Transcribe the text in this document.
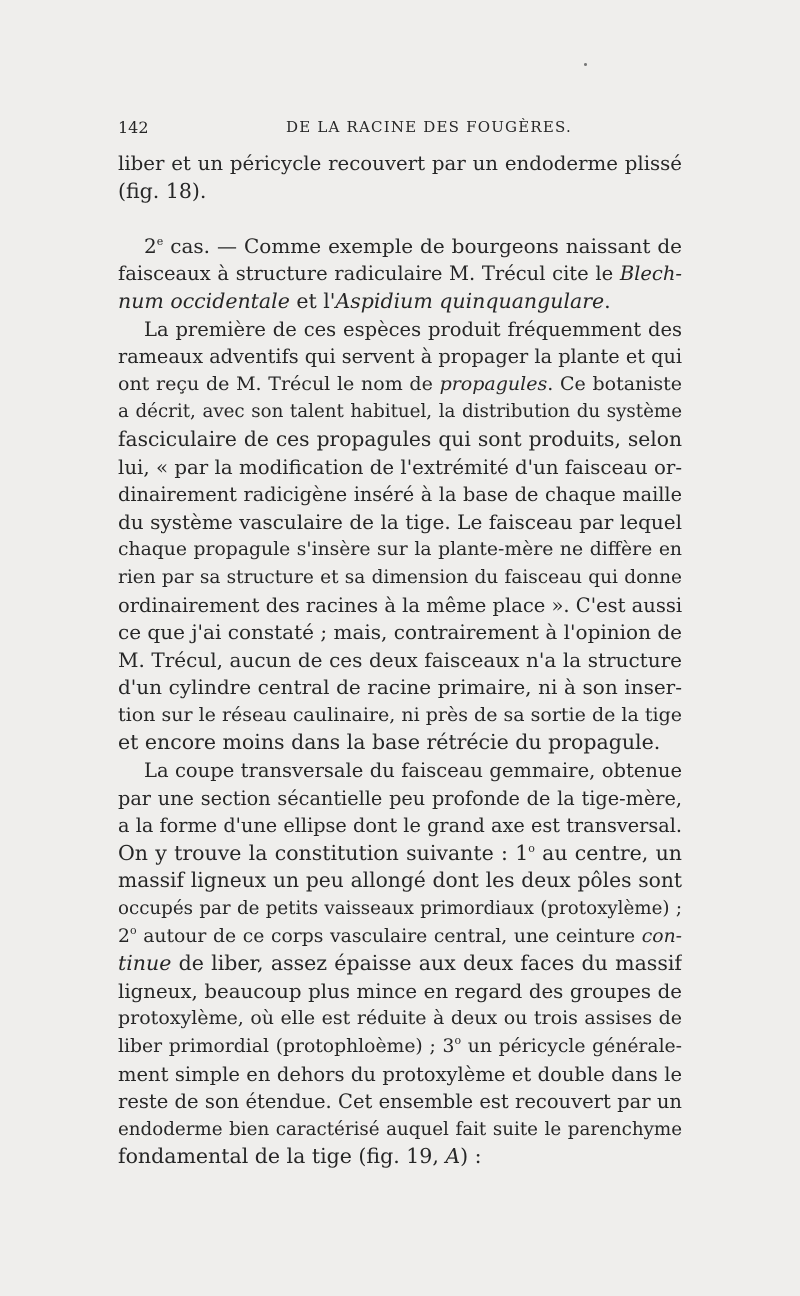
142	DE LA RACINE DES FOUGÈRES.
liber et un péricycle recouvert par un endoderme plissé
(fig. 18).
2e cas. — Comme exemple de bourgeons naissant de
faisceaux à structure radiculaire M. Trécul cite le Blech-
num occidentale et l'Aspidium quinquangulare.
La première de ces espèces produit fréquemment des
rameaux adventifs qui servent à propager la plante et qui
ont reçu de M. Trécul le nom de propagules. Ce botaniste
a décrit, avec son talent habituel, la distribution du système
fasciculaire de ces propagules qui sont produits, selon
lui, « par la modification de l'extrémité d'un faisceau or-
dinairement radicigène inséré à la base de chaque maille
du système vasculaire de la tige. Le faisceau par lequel
chaque propagule s'insère sur la plante-mère ne diffère en
rien par sa structure et sa dimension du faisceau qui donne
ordinairement des racines à la même place ». C'est aussi
ce que j'ai constaté ; mais, contrairement à l'opinion de
M. Trécul, aucun de ces deux faisceaux n'a la structure
d'un cylindre central de racine primaire, ni à son inser-
tion sur le réseau caulinaire, ni près de sa sortie de la tige
et encore moins dans la base rétrécie du propagule.
La coupe transversale du faisceau gemmaire, obtenue
par une section sécantielle peu profonde de la tige-mère,
a la forme d'une ellipse dont le grand axe est transversal.
On y trouve la constitution suivante : 1$^o$ au centre, un
massif ligneux un peu allongé dont les deux pôles sont
occupés par de petits vaisseaux primordiaux (protoxylème) ;
2$^o$ autour de ce corps vasculaire central, une ceinture con-
tinue de liber, assez épaisse aux deux faces du massif
ligneux, beaucoup plus mince en regard des groupes de
protoxylème, où elle est réduite à deux ou trois assises de
liber primordial (protophloème) ; 3$^o$ un péricycle générale-
ment simple en dehors du protoxylème et double dans le
reste de son étendue. Cet ensemble est recouvert par un
endoderme bien caractérisé auquel fait suite le parenchyme
fondamental de la tige (fig. 19, A) :
